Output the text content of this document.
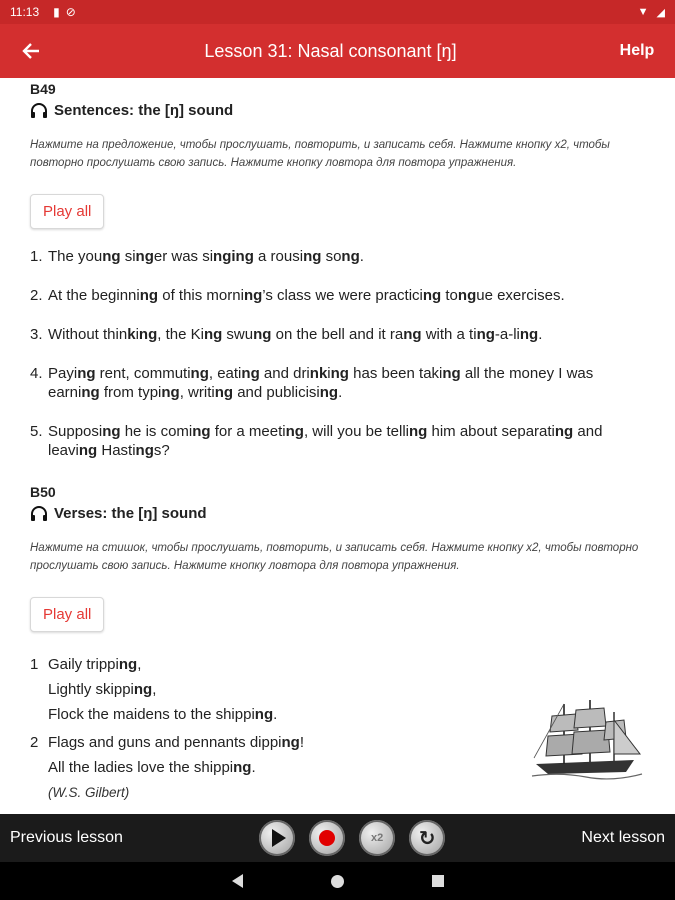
11:13 ▮ ⊘	▼ ◢
Lesson 31: Nasal consonant [ŋ]	Help
B49
Sentences: the [ŋ] sound
Нажмите на предложение, чтобы прослушать, повторить, и записать себя. Нажмите кнопку x2, чтобы повторно прослушать свою запись. Нажмите кнопку ловтора для повтора упражнения.
Play all
1. The young singer was singing a rousing song.
2. At the beginning of this morning’s class we were practicing tongue exercises.
3. Without thinking, the King swung on the bell and it rang with a ting-a-ling.
4. Paying rent, commuting, eating and drinking has been taking all the money I was earning from typing, writing and publicising.
5. Supposing he is coming for a meeting, will you be telling him about separating and leaving Hastings?
B50
Verses: the [ŋ] sound
Нажмите на стишок, чтобы прослушать, повторить, и записать себя. Нажмите кнопку x2, чтобы повторно прослушать свою запись. Нажмите кнопку ловтора для повтора упражнения.
Play all
1 Gaily tripping,
Lightly skipping,
Flock the maidens to the shipping.
2 Flags and guns and pennants dipping!
All the ladies love the shipping.
(W.S. Gilbert)
Previous lesson	x2 ↻	Next lesson
